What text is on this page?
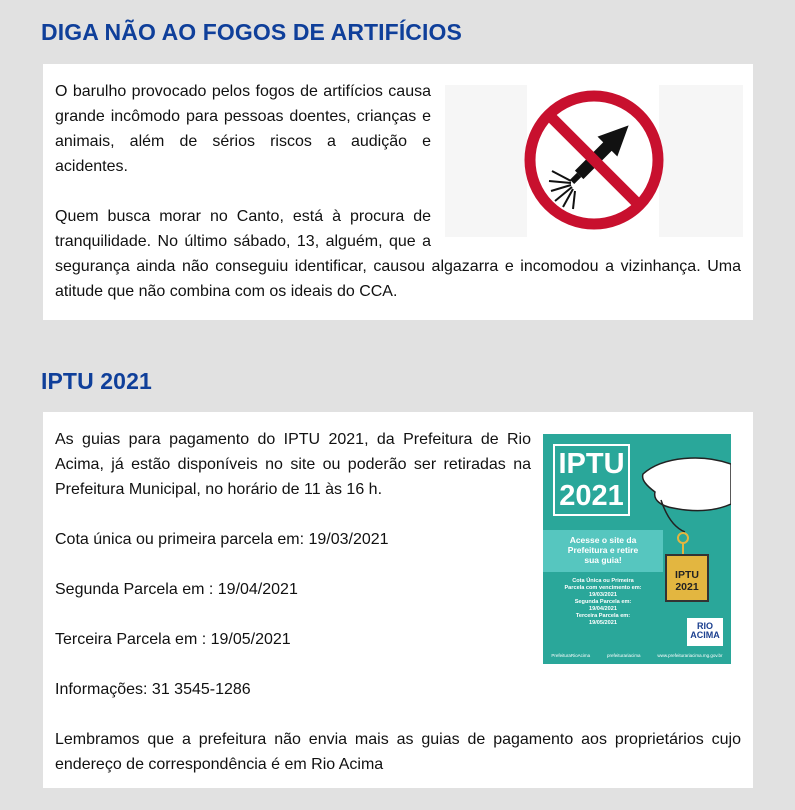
DIGA NÃO AO FOGOS DE ARTIFÍCIOS

O barulho provocado pelos fogos de artifícios causa grande incômodo para pessoas doentes, crianças e animais, além de sérios riscos a audição e acidentes.

Quem busca morar no Canto, está à procura de tranquilidade. No último sábado, 13, alguém, que a segurança ainda não conseguiu identificar, causou algazarra e incomodou a vizinhança. Uma atitude que não combina com os ideais do CCA.

IPTU 2021
IPTU
2021
Acesse o site da
Prefeitura e retire
sua guia!
IPTU
2021
Cota Única ou Primeira
Parcela com vencimento em:
19/03/2021
Segunda Parcela em:
19/04/2021
Terceira Parcela em:
19/05/2021	RIO
ACIMA
PrefeituraRioAcima	prefeiturariacima	www.prefeiturariacima.mg.gov.br

As guias para pagamento do IPTU 2021, da Prefeitura de Rio Acima, já estão disponíveis no site ou poderão ser retiradas na Prefeitura Municipal, no horário de 11 às 16 h.

Cota única ou primeira parcela em: 19/03/2021

Segunda Parcela em : 19/04/2021

Terceira Parcela em : 19/05/2021

Informações: 31 3545-1286

Lembramos que a prefeitura não envia mais as guias de pagamento aos proprietários cujo endereço de correspondência é em Rio Acima
